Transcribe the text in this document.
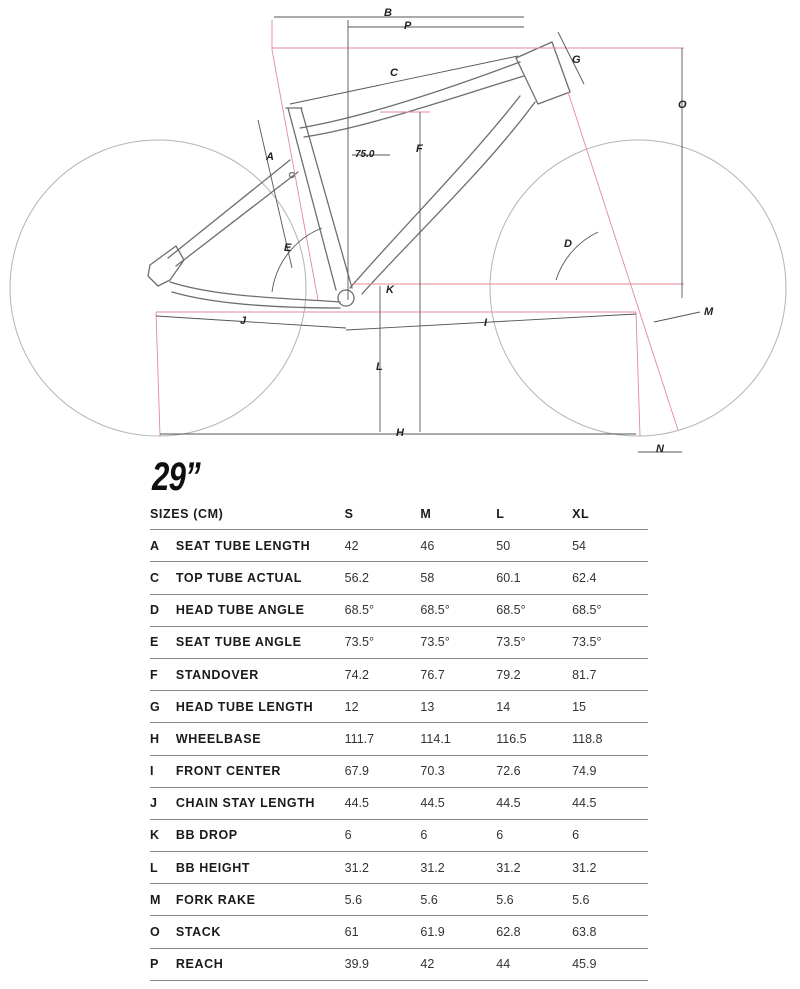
B
P
C
G
O
A	75.0	F
E	D
K
M
J	I
L
H
N
29”
SIZES (CM)		S	M	L	XL
A	SEAT TUBE LENGTH	42	46	50	54
C	TOP TUBE ACTUAL	56.2	58	60.1	62.4
D	HEAD TUBE ANGLE	68.5°	68.5°	68.5°	68.5°
E	SEAT TUBE ANGLE	73.5°	73.5°	73.5°	73.5°
F	STANDOVER	74.2	76.7	79.2	81.7
G	HEAD TUBE LENGTH	12	13	14	15
H	WHEELBASE	111.7	114.1	116.5	118.8
I	FRONT CENTER	67.9	70.3	72.6	74.9
J	CHAIN STAY LENGTH	44.5	44.5	44.5	44.5
K	BB DROP	6	6	6	6
L	BB HEIGHT	31.2	31.2	31.2	31.2
M	FORK RAKE	5.6	5.6	5.6	5.6
O	STACK	61	61.9	62.8	63.8
P	REACH	39.9	42	44	45.9
